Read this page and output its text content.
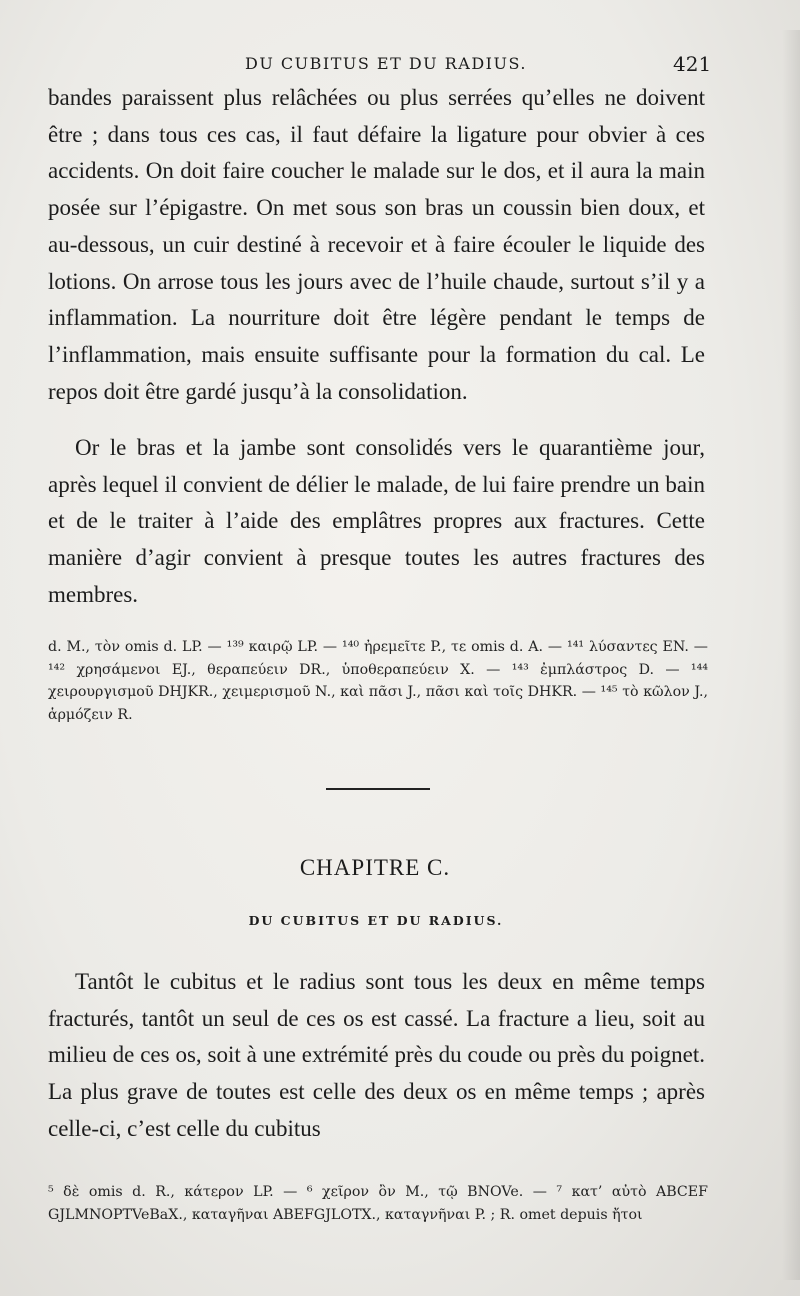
DU CUBITUS ET DU RADIUS.	421
bandes paraissent plus relâchées ou plus serrées qu’elles ne doivent être ; dans tous ces cas, il faut défaire la ligature pour obvier à ces accidents. On doit faire coucher le malade sur le dos, et il aura la main posée sur l’épigastre. On met sous son bras un coussin bien doux, et au-dessous, un cuir destiné à recevoir et à faire écouler le liquide des lotions. On arrose tous les jours avec de l’huile chaude, surtout s’il y a inflammation. La nourriture doit être légère pendant le temps de l’inflammation, mais ensuite suffisante pour la formation du cal. Le repos doit être gardé jusqu’à la consolidation.
Or le bras et la jambe sont consolidés vers le quarantième jour, après lequel il convient de délier le malade, de lui faire prendre un bain et de le traiter à l’aide des emplâtres propres aux fractures. Cette manière d’agir convient à presque toutes les autres fractures des membres.
d. M., τὸν omis d. LP. — ¹³⁹ καιρῷ LP. — ¹⁴⁰ ἠρεμεῖτε P., τε omis d. A. — ¹⁴¹ λύσαντες EN. — ¹⁴² χρησάμενοι EJ., θεραπεύειν DR., ὑποθεραπεύειν X. — ¹⁴³ ἐμπλάστρος D. — ¹⁴⁴ χειρουργισμοῦ DHJKR., χειμερισμοῦ N., καὶ πᾶσι J., πᾶσι καὶ τοῖς DHKR. — ¹⁴⁵ τὸ κῶλον J., ἁρμόζειν R.
CHAPITRE C.
DU CUBITUS ET DU RADIUS.
Tantôt le cubitus et le radius sont tous les deux en même temps fracturés, tantôt un seul de ces os est cassé. La fracture a lieu, soit au milieu de ces os, soit à une extrémité près du coude ou près du poignet. La plus grave de toutes est celle des deux os en même temps ; après celle-ci, c’est celle du cubitus
⁵ δὲ omis d. R., κάτερον LP. — ⁶ χεῖρον ὂν M., τῷ BNOVe. — ⁷ κατ’ αὐτὸ ABCEF GJLMNOPTVeBaX., καταγῆναι ABEFGJLOTX., καταγνῆναι P. ; R. omet depuis ἤτοι
